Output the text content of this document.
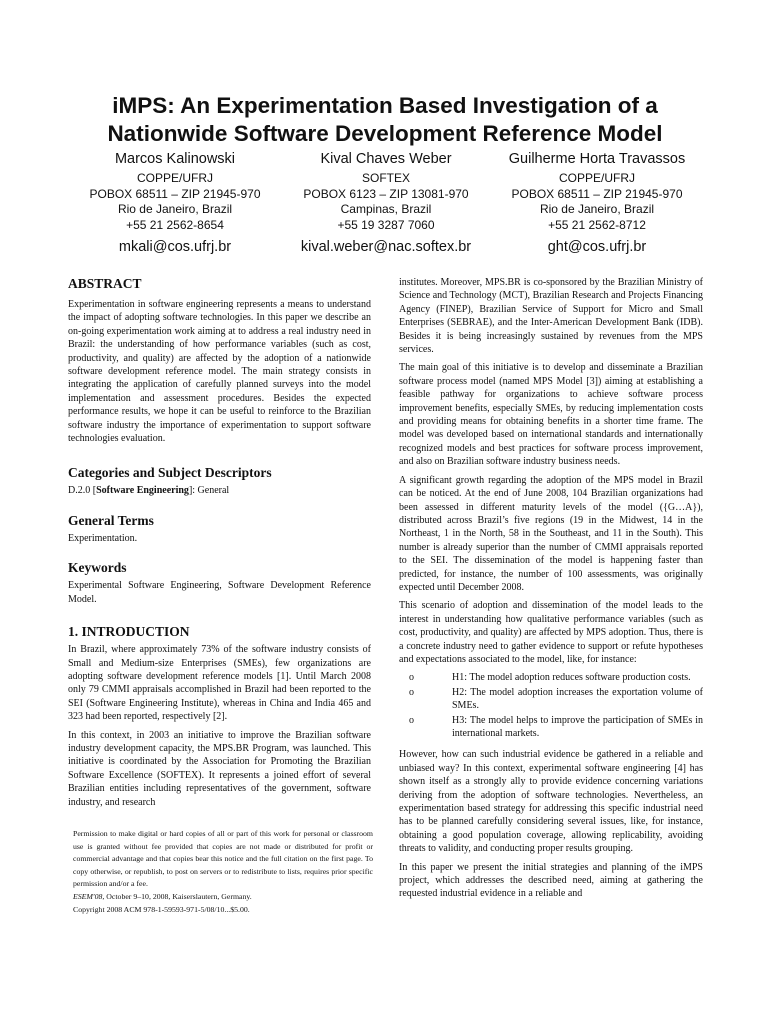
iMPS: An Experimentation Based Investigation of a
Nationwide Software Development Reference Model
Marcos Kalinowski
COPPE/UFRJ
POBOX 68511 – ZIP 21945-970
Rio de Janeiro, Brazil
+55 21 2562-8654
mkali@cos.ufrj.br
Kival Chaves Weber
SOFTEX
POBOX 6123 – ZIP 13081-970
Campinas, Brazil
+55 19 3287 7060
kival.weber@nac.softex.br
Guilherme Horta Travassos
COPPE/UFRJ
POBOX 68511 – ZIP 21945-970
Rio de Janeiro, Brazil
+55 21 2562-8712
ght@cos.ufrj.br
ABSTRACT

Experimentation in software engineering represents a means to understand the impact of adopting software technologies. In this paper we describe an on-going experimentation work aiming at to address a real industry need in Brazil: the understanding of how performance variables (such as cost, productivity, and quality) are affected by the adoption of a nationwide software development reference model. The main strategy consists in integrating the application of carefully planned surveys into the model implementation and assessment procedures. Besides the expected performance results, we hope it can be useful to reinforce to the Brazilian software industry the importance of experimentation to support software technologies evaluation.

Categories and Subject Descriptors

D.2.0 [Software Engineering]: General

General Terms

Experimentation.

Keywords

Experimental Software Engineering, Software Development Reference Model.

1. INTRODUCTION

In Brazil, where approximately 73% of the software industry consists of Small and Medium-size Enterprises (SMEs), few organizations are adopting software development reference models [1]. Until March 2008 only 79 CMMI appraisals accomplished in Brazil had been reported to the SEI (Software Engineering Institute), whereas in China and India 465 and 323 had been reported, respectively [2].

In this context, in 2003 an initiative to improve the Brazilian software industry development capacity, the MPS.BR Program, was launched. This initiative is coordinated by the Association for Promoting the Brazilian Software Excellence (SOFTEX). It represents a joined effort of several Brazilian entities including representatives of the government, software industry, and research

Permission to make digital or hard copies of all or part of this work for personal or classroom use is granted without fee provided that copies are not made or distributed for profit or commercial advantage and that copies bear this notice and the full citation on the first page. To copy otherwise, or republish, to post on servers or to redistribute to lists, requires prior specific permission and/or a fee.

ESEM'08, October 9–10, 2008, Kaiserslautern, Germany.

Copyright 2008 ACM 978-1-59593-971-5/08/10...$5.00.

institutes. Moreover, MPS.BR is co-sponsored by the Brazilian Ministry of Science and Technology (MCT), Brazilian Research and Projects Financing Agency (FINEP), Brazilian Service of Support for Micro and Small Enterprises (SEBRAE), and the Inter-American Development Bank (IDB). Besides it is being increasingly sustained by revenues from the MPS services.

The main goal of this initiative is to develop and disseminate a Brazilian software process model (named MPS Model [3]) aiming at establishing a feasible pathway for organizations to achieve software process improvement benefits, especially SMEs, by reducing implementation costs and providing means for obtaining benefits in a shorter time frame. The model was developed based on international standards and internationally recognized models and best practices for software process improvement, and also on Brazilian software industry business needs.

A significant growth regarding the adoption of the MPS model in Brazil can be noticed. At the end of June 2008, 104 Brazilian organizations had been assessed in different maturity levels of the model ({G…A}), distributed across Brazil’s five regions (19 in the Midwest, 14 in the Northeast, 1 in the North, 58 in the Southeast, and 11 in the South). This number is already superior than the number of CMMI appraisals reported to the SEI. The dissemination of the model is happening faster than predicted, for instance, the number of 100 assessments, was originally expected until December 2008.

This scenario of adoption and dissemination of the model leads to the interest in understanding how qualitative performance variables (such as cost, productivity, and quality) are affected by MPS adoption. Thus, there is a concrete industry need to gather evidence to support or refute hypotheses and expectations associated to the model, like, for instance:

o	H1: The model adoption reduces software production costs.
o	H2: The model adoption increases the exportation volume of SMEs.
o	H3: The model helps to improve the participation of SMEs in international markets.

However, how can such industrial evidence be gathered in a reliable and unbiased way? In this context, experimental software engineering [4] has shown itself as a strongly ally to provide evidence concerning variations deriving from the adoption of software technologies. Nevertheless, an experimentation based strategy for addressing this specific industrial need has to be planned carefully considering several issues, like, for instance, obtaining a good population coverage, allowing replicability, avoiding threats to validity, and conducting proper results grouping.

In this paper we present the initial strategies and planning of the iMPS project, which addresses the described need, aiming at gathering the requested industrial evidence in a reliable and
